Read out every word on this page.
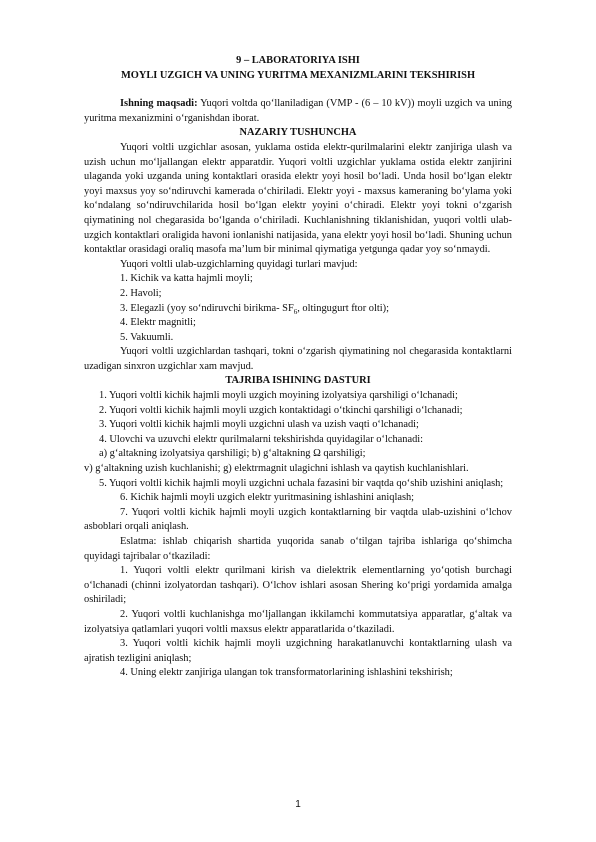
9 – LABORATORIYA ISHI
MOYLI UZGICH VA UNING YURITMA MEXANIZMLARINI TEKSHIRISH

Ishning maqsadi: Yuqori voltda qo‘llaniladigan (VMP - (6 – 10 kV)) moyli uzgich va uning yuritma mexanizmini o‘rganishdan iborat.

NAZARIY TUSHUNCHA

Yuqori voltli uzgichlar asosan, yuklama ostida elektr-qurilmalarini elektr zanjiriga ulash va uzish uchun mo‘ljallangan elektr apparatdir. Yuqori voltli uzgichlar yuklama ostida elektr zanjirini ulaganda yoki uzganda uning kontaktlari orasida elektr yoyi hosil bo‘ladi. Unda hosil bo‘lgan elektr yoyi maxsus yoy so‘ndiruvchi kamerada o‘chiriladi. Elektr yoyi - maxsus kameraning bo‘ylama yoki ko‘ndalang so‘ndiruvchilarida hosil bo‘lgan elektr yoyini o‘chiradi. Elektr yoyi tokni o‘zgarish qiymatining nol chegarasida bo‘lganda o‘chiriladi. Kuchlanishning tiklanishidan, yuqori voltli ulab-uzgich kontaktlari oraligida havoni ionlanishi natijasida, yana elektr yoyi hosil bo‘ladi. Shuning uchun kontaktlar orasidagi oraliq masofa ma’lum bir minimal qiymatiga yetgunga qadar yoy so‘nmaydi.

Yuqori voltli ulab-uzgichlarning quyidagi turlari mavjud:
1. Kichik va katta hajmli moyli;
2. Havoli;
3. Elegazli (yoy so‘ndiruvchi birikma- $SF_6$, oltingugurt ftor olti);
4. Elektr magnitli;
5. Vakuumli.

Yuqori voltli uzgichlardan tashqari, tokni o‘zgarish qiymatining nol chegarasida kontaktlarni uzadigan sinxron uzgichlar xam mavjud.

TAJRIBA ISHINING DASTURI
1. Yuqori voltli kichik hajmli moyli uzgich moyining izolyatsiya qarshiligi o‘lchanadi;
2. Yuqori voltli kichik hajmli moyli uzgich kontaktidagi o‘tkinchi qarshiligi o‘lchanadi;
3. Yuqori voltli kichik hajmli moyli uzgichni ulash va uzish vaqti o‘lchanadi;
4. Ulovchi va uzuvchi elektr qurilmalarni tekshirishda quyidagilar o‘lchanadi:
a) g‘altakning izolyatsiya qarshiligi; b) g‘altakning Ω qarshiligi;

v) g‘altakning uzish kuchlanishi; g) elektrmagnit ulagichni ishlash va qaytish kuchlanishlari.

5. Yuqori voltli kichik hajmli moyli uzgichni uchala fazasini bir vaqtda qo‘shib uzishini aniqlash;

6. Kichik hajmli moyli uzgich elektr yuritmasining ishlashini aniqlash;

7. Yuqori voltli kichik hajmli moyli uzgich kontaktlarning bir vaqtda ulab-uzishini o‘lchov asboblari orqali aniqlash.

Eslatma: ishlab chiqarish shartida yuqorida sanab o‘tilgan tajriba ishlariga qo‘shimcha quyidagi tajribalar o‘tkaziladi:

1. Yuqori voltli elektr qurilmani kirish va dielektrik elementlarning yo‘qotish burchagi o‘lchanadi (chinni izolyatordan tashqari). O‘lchov ishlari asosan Shering ko‘prigi yordamida amalga oshiriladi;

2. Yuqori voltli kuchlanishga mo‘ljallangan ikkilamchi kommutatsiya apparatlar, g‘altak va izolyatsiya qatlamlari yuqori voltli maxsus elektr apparatlarida o‘tkaziladi.

3. Yuqori voltli kichik hajmli moyli uzgichning harakatlanuvchi kontaktlarning ulash va ajratish tezligini aniqlash;

4. Uning elektr zanjiriga ulangan tok transformatorlarining ishlashini tekshirish;

1
